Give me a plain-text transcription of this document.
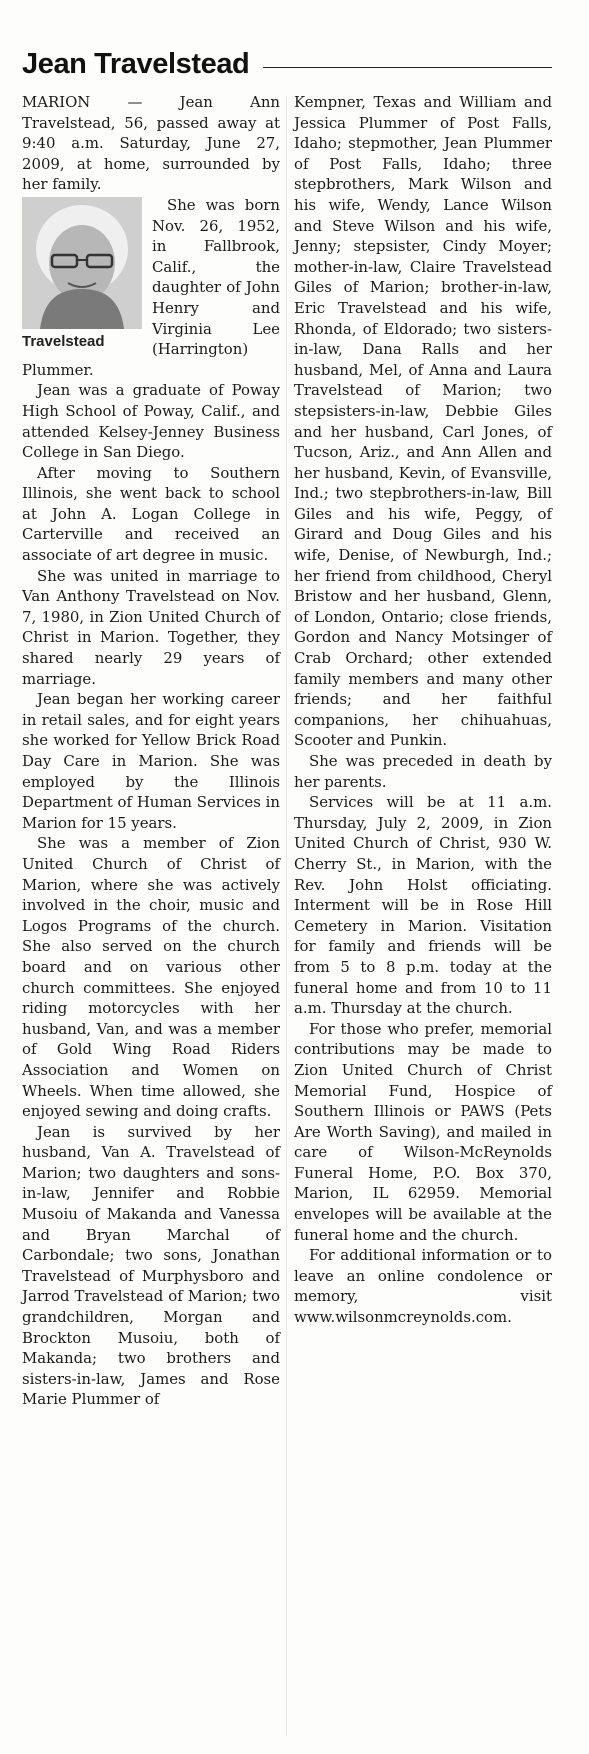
Jean Travelstead

MARION — Jean Ann Travelstead, 56, passed away at 9:40 a.m. Saturday, June 27, 2009, at home, surrounded by her family.

Travelstead

She was born Nov. 26, 1952, in Fallbrook, Calif., the daughter of John Henry and Virginia Lee (Harrington) Plummer.

Jean was a graduate of Poway High School of Poway, Calif., and attended Kelsey-Jenney Business College in San Diego.

After moving to Southern Illinois, she went back to school at John A. Logan College in Carterville and received an associate of art degree in music.

She was united in marriage to Van Anthony Travelstead on Nov. 7, 1980, in Zion United Church of Christ in Marion. Together, they shared nearly 29 years of marriage.

Jean began her working career in retail sales, and for eight years she worked for Yellow Brick Road Day Care in Marion. She was employed by the Illinois Department of Human Services in Marion for 15 years.

She was a member of Zion United Church of Christ of Marion, where she was actively involved in the choir, music and Logos Programs of the church. She also served on the church board and on various other church committees. She enjoyed riding motorcycles with her husband, Van, and was a member of Gold Wing Road Riders Association and Women on Wheels. When time allowed, she enjoyed sewing and doing crafts.

Jean is survived by her husband, Van A. Travelstead of Marion; two daughters and sons-in-law, Jennifer and Robbie Musoiu of Makanda and Vanessa and Bryan Marchal of Carbondale; two sons, Jonathan Travelstead of Murphysboro and Jarrod Travelstead of Marion; two grandchildren, Morgan and Brockton Musoiu, both of Makanda; two brothers and sisters-in-law, James and Rose Marie Plummer of

Kempner, Texas and William and Jessica Plummer of Post Falls, Idaho; stepmother, Jean Plummer of Post Falls, Idaho; three stepbrothers, Mark Wilson and his wife, Wendy, Lance Wilson and Steve Wilson and his wife, Jenny; stepsister, Cindy Moyer; mother-in-law, Claire Travelstead Giles of Marion; brother-in-law, Eric Travelstead and his wife, Rhonda, of Eldorado; two sisters-in-law, Dana Ralls and her husband, Mel, of Anna and Laura Travelstead of Marion; two stepsisters-in-law, Debbie Giles and her husband, Carl Jones, of Tucson, Ariz., and Ann Allen and her husband, Kevin, of Evansville, Ind.; two stepbrothers-in-law, Bill Giles and his wife, Peggy, of Girard and Doug Giles and his wife, Denise, of Newburgh, Ind.; her friend from childhood, Cheryl Bristow and her husband, Glenn, of London, Ontario; close friends, Gordon and Nancy Motsinger of Crab Orchard; other extended family members and many other friends; and her faithful companions, her chihuahuas, Scooter and Punkin.

She was preceded in death by her parents.

Services will be at 11 a.m. Thursday, July 2, 2009, in Zion United Church of Christ, 930 W. Cherry St., in Marion, with the Rev. John Holst officiating. Interment will be in Rose Hill Cemetery in Marion. Visitation for family and friends will be from 5 to 8 p.m. today at the funeral home and from 10 to 11 a.m. Thursday at the church.

For those who prefer, memorial contributions may be made to Zion United Church of Christ Memorial Fund, Hospice of Southern Illinois or PAWS (Pets Are Worth Saving), and mailed in care of Wilson-McReynolds Funeral Home, P.O. Box 370, Marion, IL 62959. Memorial envelopes will be available at the funeral home and the church.

For additional information or to leave an online condolence or memory, visit www.wilsonmcreynolds.com.
